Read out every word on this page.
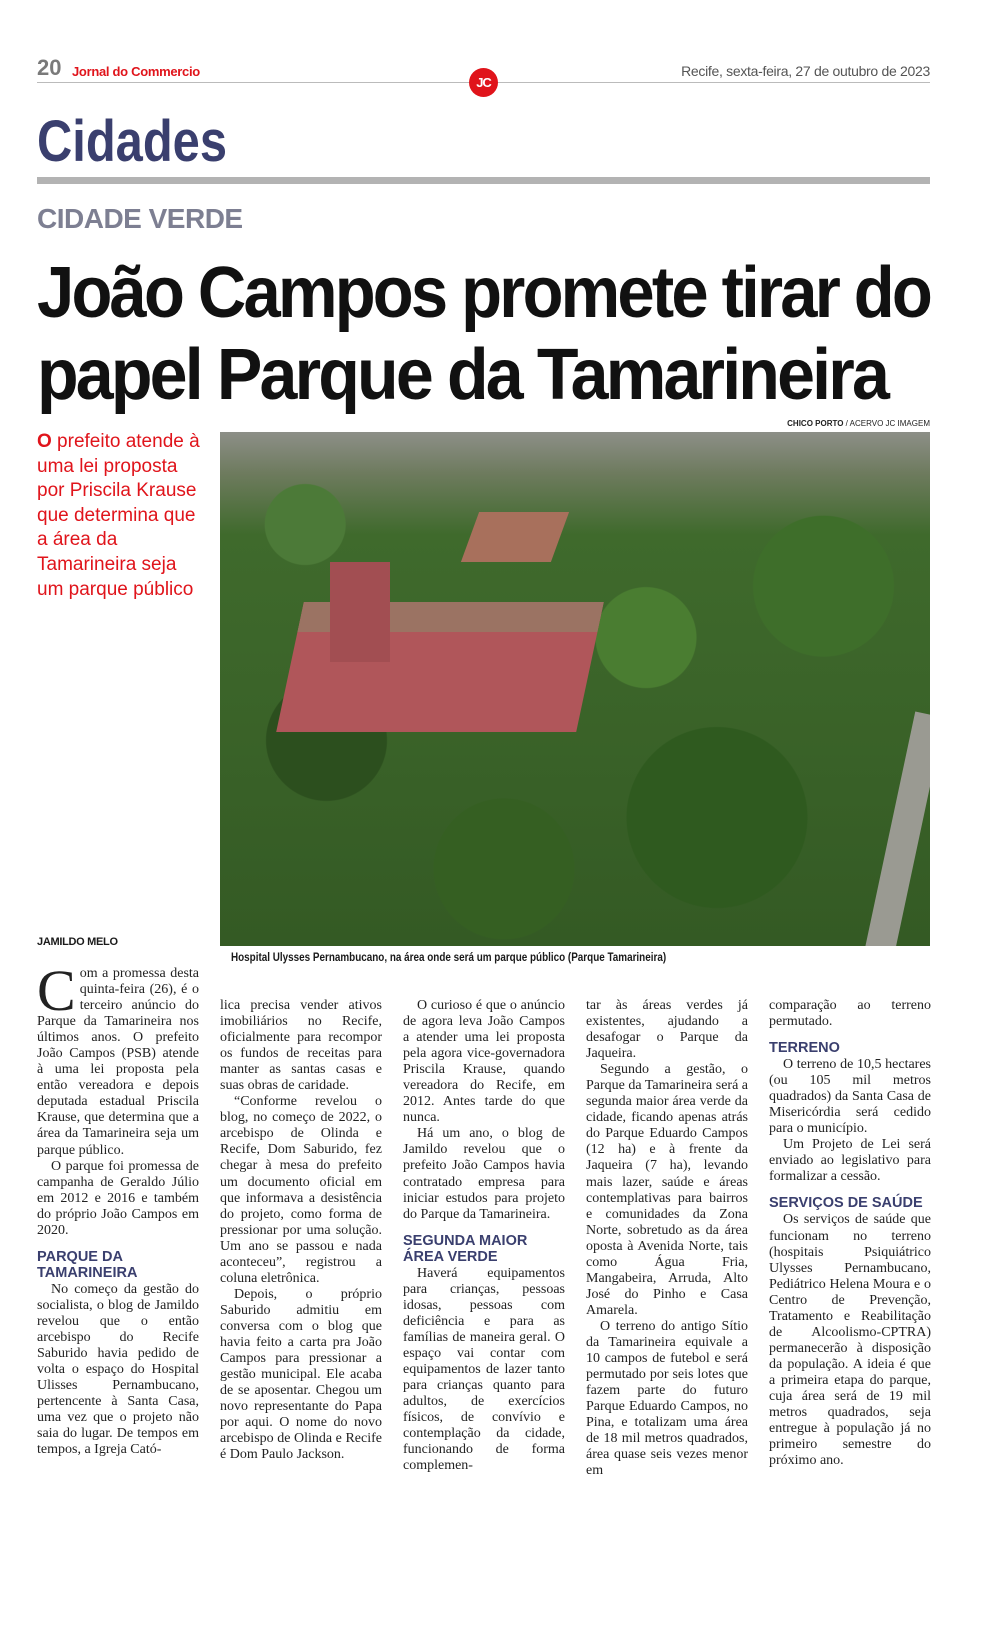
20 Jornal do Commercio	Recife, sexta-feira, 27 de outubro de 2023
JC
Cidades
CIDADE VERDE
João Campos promete tirar do
papel Parque da Tamarineira
CHICO PORTO / ACERVO JC IMAGEM
O prefeito atende à uma lei proposta por Priscila Krause que determina que a área da Tamarineira seja um parque público
JAMILDO MELO
Hospital Ulysses Pernambucano, na área onde será um parque público (Parque Tamarineira)

Com a promessa desta quinta-feira (26), é o terceiro anúncio do Parque da Tamarineira nos últimos anos. O prefeito João Campos (PSB) atende à uma lei proposta pela então vereadora e depois deputada estadual Priscila Krause, que determina que a área da Tamarineira seja um parque público.

O parque foi promessa de campanha de Geraldo Júlio em 2012 e 2016 e também do próprio João Campos em 2020.

PARQUE DA TAMARINEIRA

No começo da gestão do socialista, o blog de Jamildo revelou que o então arcebispo do Recife Saburido havia pedido de volta o espaço do Hospital Ulisses Pernambucano, pertencente à Santa Casa, uma vez que o projeto não saia do lugar. De tempos em tempos, a Igreja Cató-

lica precisa vender ativos imobiliários no Recife, oficialmente para recompor os fundos de receitas para manter as santas casas e suas obras de caridade.

“Conforme revelou o blog, no começo de 2022, o arcebispo de Olinda e Recife, Dom Saburido, fez chegar à mesa do prefeito um documento oficial em que informava a desistência do projeto, como forma de pressionar por uma solução. Um ano se passou e nada aconteceu”, registrou a coluna eletrônica.

Depois, o próprio Saburido admitiu em conversa com o blog que havia feito a carta pra João Campos para pressionar a gestão municipal. Ele acaba de se aposentar. Chegou um novo representante do Papa por aqui. O nome do novo arcebispo de Olinda e Recife é Dom Paulo Jackson.

O curioso é que o anúncio de agora leva João Campos a atender uma lei proposta pela agora vice-governadora Priscila Krause, quando vereadora do Recife, em 2012. Antes tarde do que nunca.

Há um ano, o blog de Jamildo revelou que o prefeito João Campos havia contratado empresa para iniciar estudos para projeto do Parque da Tamarineira.

SEGUNDA MAIOR ÁREA VERDE

Haverá equipamentos para crianças, pessoas idosas, pessoas com deficiência e para as famílias de maneira geral. O espaço vai contar com equipamentos de lazer tanto para crianças quanto para adultos, de exercícios físicos, de convívio e contemplação da cidade, funcionando de forma complemen-

tar às áreas verdes já existentes, ajudando a desafogar o Parque da Jaqueira.

Segundo a gestão, o Parque da Tamarineira será a segunda maior área verde da cidade, ficando apenas atrás do Parque Eduardo Campos (12 ha) e à frente da Jaqueira (7 ha), levando mais lazer, saúde e áreas contemplativas para bairros e comunidades da Zona Norte, sobretudo as da área oposta à Avenida Norte, tais como Água Fria, Mangabeira, Arruda, Alto José do Pinho e Casa Amarela.

O terreno do antigo Sítio da Tamarineira equivale a 10 campos de futebol e será permutado por seis lotes que fazem parte do futuro Parque Eduardo Campos, no Pina, e totalizam uma área de 18 mil metros quadrados, área quase seis vezes menor em

comparação ao terreno permutado.

TERRENO

O terreno de 10,5 hectares (ou 105 mil metros quadrados) da Santa Casa de Misericórdia será cedido para o município.

Um Projeto de Lei será enviado ao legislativo para formalizar a cessão.

SERVIÇOS DE SAÚDE

Os serviços de saúde que funcionam no terreno (hospitais Psiquiátrico Ulysses Pernambucano, Pediátrico Helena Moura e o Centro de Prevenção, Tratamento e Reabilitação de Alcoolismo-CPTRA) permanecerão à disposição da população. A ideia é que a primeira etapa do parque, cuja área será de 19 mil metros quadrados, seja entregue à população já no primeiro semestre do próximo ano.
